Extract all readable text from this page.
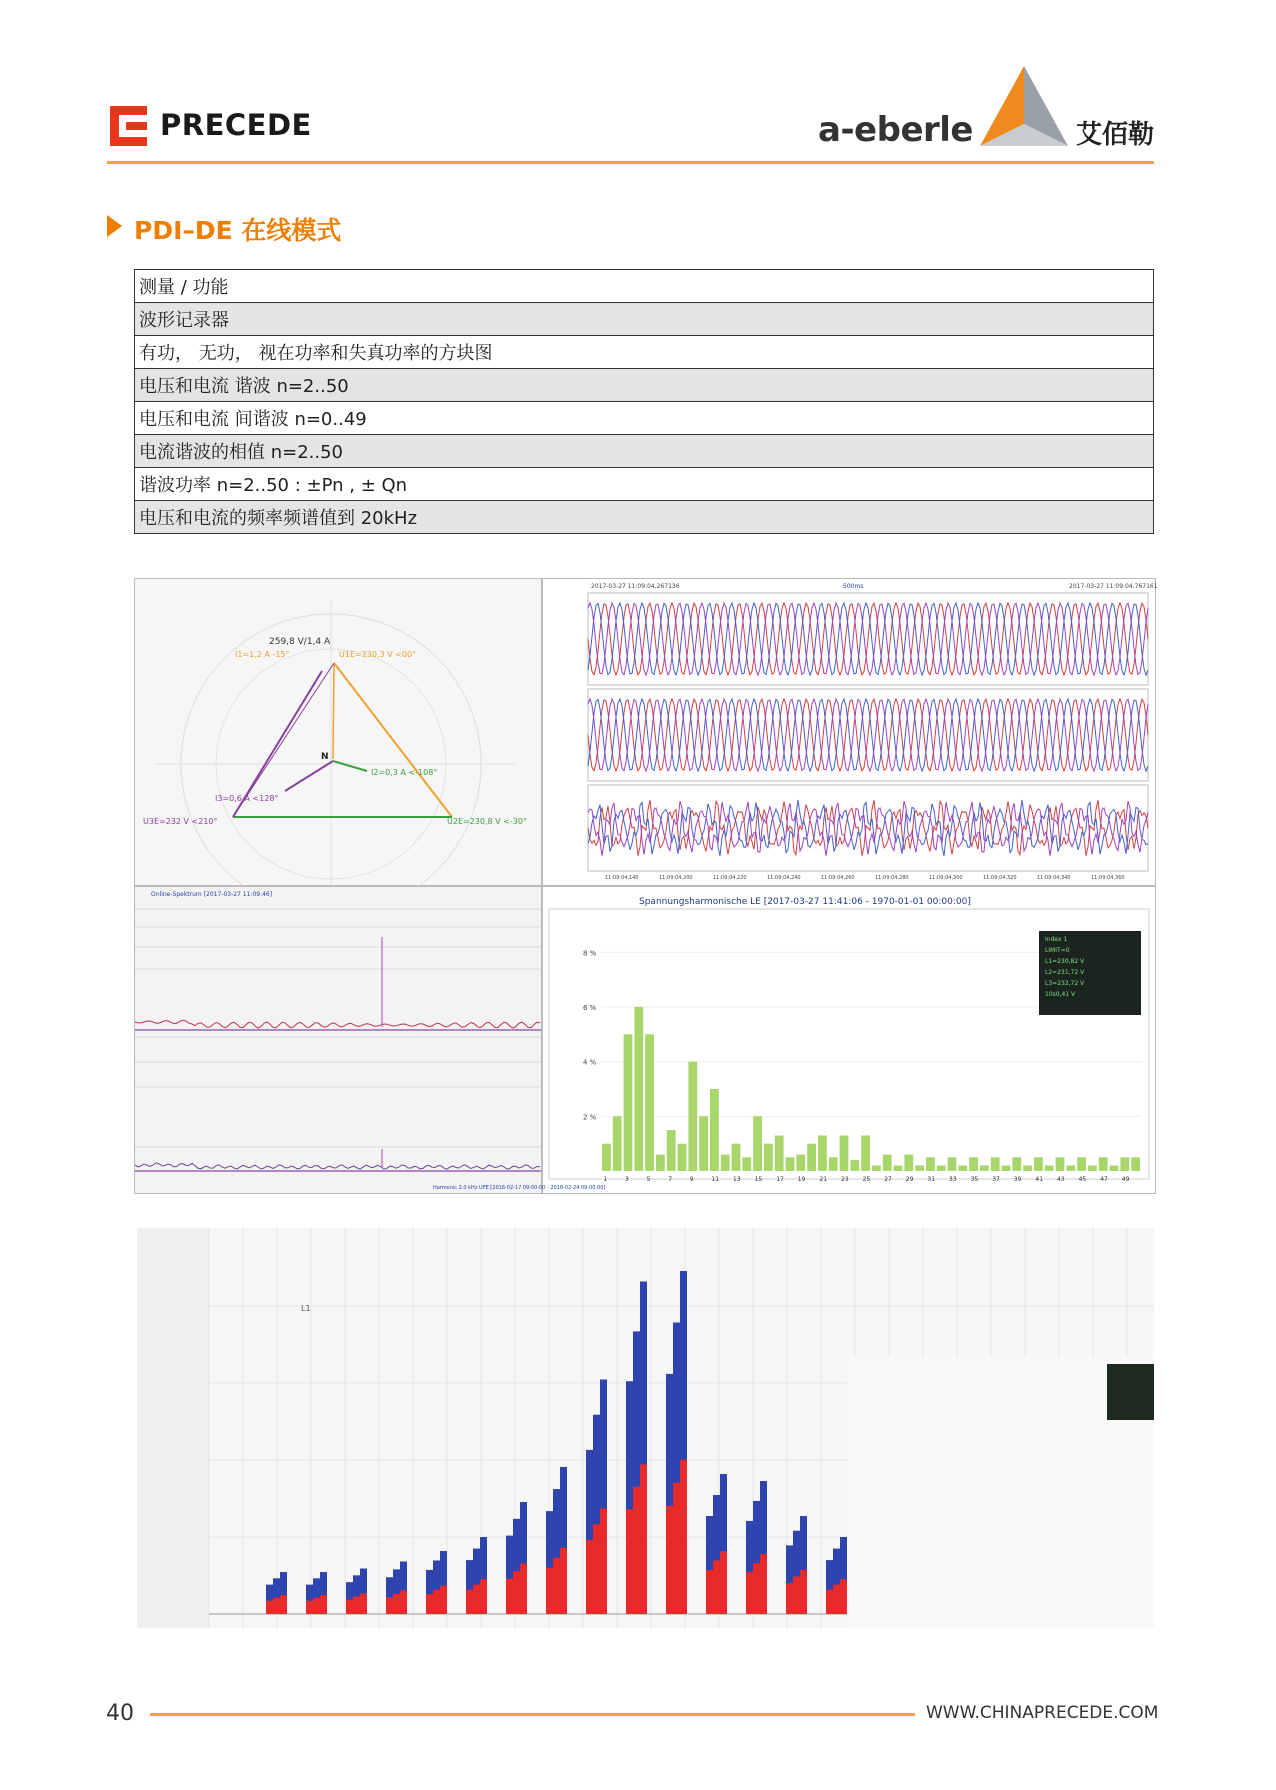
PRECEDE	a-eberle	艾佰勒
PDI–DE 在线模式
测量 / 功能
波形记录器
有功， 无功， 视在功率和失真功率的方块图
电压和电流 谐波 n=2..50
电压和电流 间谐波 n=0..49
电流谐波的相值 n=2..50
谐波功率 n=2..50 : ±Pn , ± Qn
电压和电流的频率频谱值到 20kHz
259,8 V/1,4 A
U1E=230,3 V <00°
I1=1,2 A -15°
I2=0,3 A <-108°
I3=0,6 A <128°
U3E=232 V <210°	U2E=230,8 V <-30°
N
2017-03-27 11:09:04,267136	500ms	2017-03-27 11:09:04,767161
11:09:04,140	11:09:04,200	11:09:04,220	11:09:04,240	11:09:04,260	11:09:04,280	11:09:04,300	11:09:04,320	11:09:04,340	11:09:04,360
Online-Spektrum [2017-03-27 11:09:46]
Spannungsharmonische LE [2017-03-27 11:41:06 - 1970-01-01 00:00:00]
8 %
6 %
4 %
2 %
1	3	5	7	9	11 13 15 17 19 21 23 25 27 29 31 33 35 37 39 41 43 45 47 49
Index 1
LIMIT=0
L1=230,82 V
L2=231,72 V
L3=232,72 V
10s0,41 V
Harmonic 2.0 kHz UFE [2018-02-17 09:00:00 - 2018-02-24 09:00:00]
L1
40	WWW.CHINAPRECEDE.COM
